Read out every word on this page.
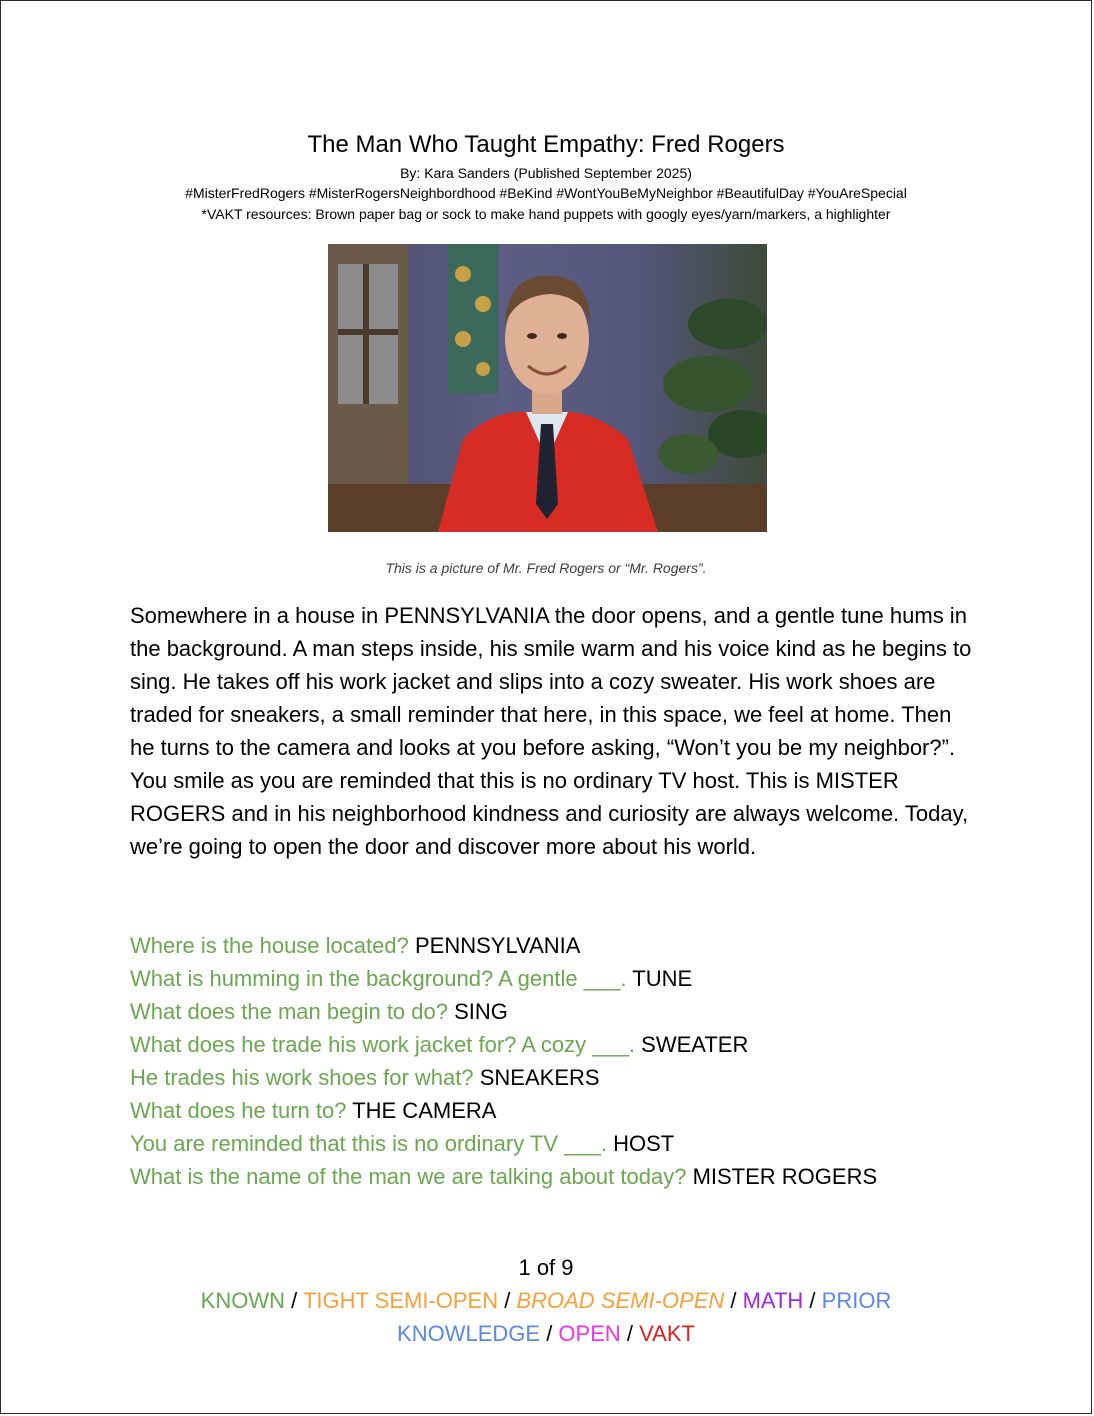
The Man Who Taught Empathy: Fred Rogers
By: Kara Sanders (Published September 2025)
#MisterFredRogers #MisterRogersNeighbordhood #BeKind #WontYouBeMyNeighbor #BeautifulDay #YouAreSpecial
*VAKT resources: Brown paper bag or sock to make hand puppets with googly eyes/yarn/markers, a highlighter
This is a picture of Mr. Fred Rogers or “Mr. Rogers”.

Somewhere in a house in PENNSYLVANIA the door opens, and a gentle tune hums in the background. A man steps inside, his smile warm and his voice kind as he begins to sing. He takes off his work jacket and slips into a cozy sweater. His work shoes are traded for sneakers, a small reminder that here, in this space, we feel at home. Then he turns to the camera and looks at you before asking, “Won’t you be my neighbor?”. You smile as you are reminded that this is no ordinary TV host. This is MISTER ROGERS and in his neighborhood kindness and curiosity are always welcome. Today, we’re going to open the door and discover more about his world.

Where is the house located? PENNSYLVANIA
What is humming in the background? A gentle ___. TUNE
What does the man begin to do? SING
What does he trade his work jacket for? A cozy ___. SWEATER
He trades his work shoes for what? SNEAKERS
What does he turn to? THE CAMERA
You are reminded that this is no ordinary TV ___. HOST
What is the name of the man we are talking about today? MISTER ROGERS
1 of 9
KNOWN / TIGHT SEMI-OPEN / BROAD SEMI-OPEN / MATH / PRIOR KNOWLEDGE / OPEN / VAKT
